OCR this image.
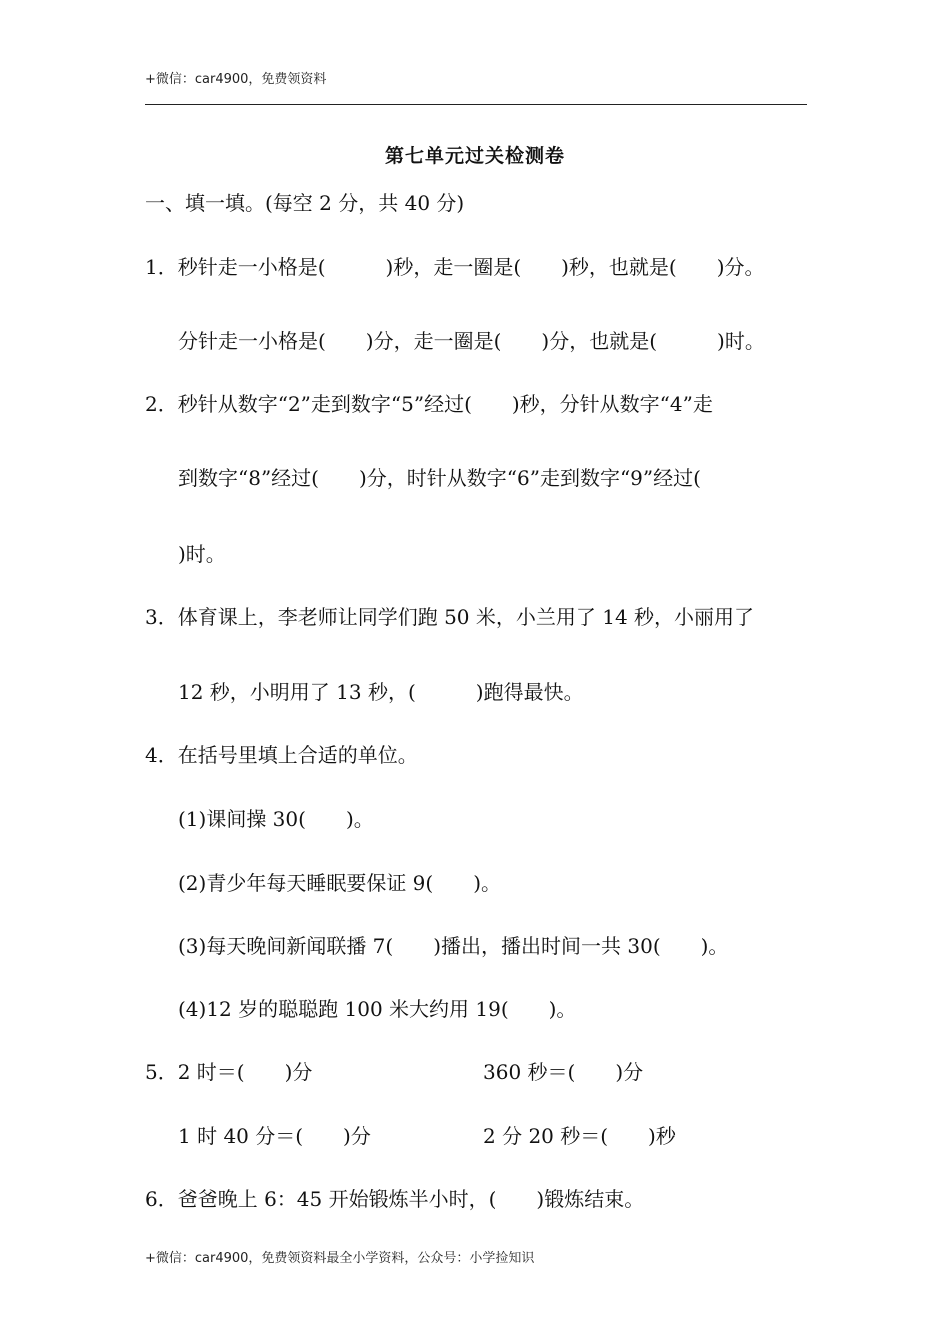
+微信：car4900，免费领资料
第七单元过关检测卷
一、填一填。(每空 2 分，共 40 分)
1．秒针走一小格是(　　　)秒，走一圈是(　　)秒，也就是(　　)分。
分针走一小格是(　　)分，走一圈是(　　)分，也就是(　　　)时。
2．秒针从数字“2”走到数字“5”经过(　　)秒，分针从数字“4”走
到数字“8”经过(　　)分，时针从数字“6”走到数字“9”经过(
)时。
3．体育课上，李老师让同学们跑 50 米，小兰用了 14 秒，小丽用了
12 秒，小明用了 13 秒，(　　　)跑得最快。
4．在括号里填上合适的单位。
(1)课间操 30(　　)。
(2)青少年每天睡眠要保证 9(　　)。
(3)每天晚间新闻联播 7(　　)播出，播出时间一共 30(　　)。
(4)12 岁的聪聪跑 100 米大约用 19(　　)。
5．2 时＝(　　)分	360 秒＝(　　)分
1 时 40 分＝(　　)分	2 分 20 秒＝(　　)秒
6．爸爸晚上 6：45 开始锻炼半小时，(　　)锻炼结束。
+微信：car4900，免费领资料最全小学资料，公众号：小学捡知识
